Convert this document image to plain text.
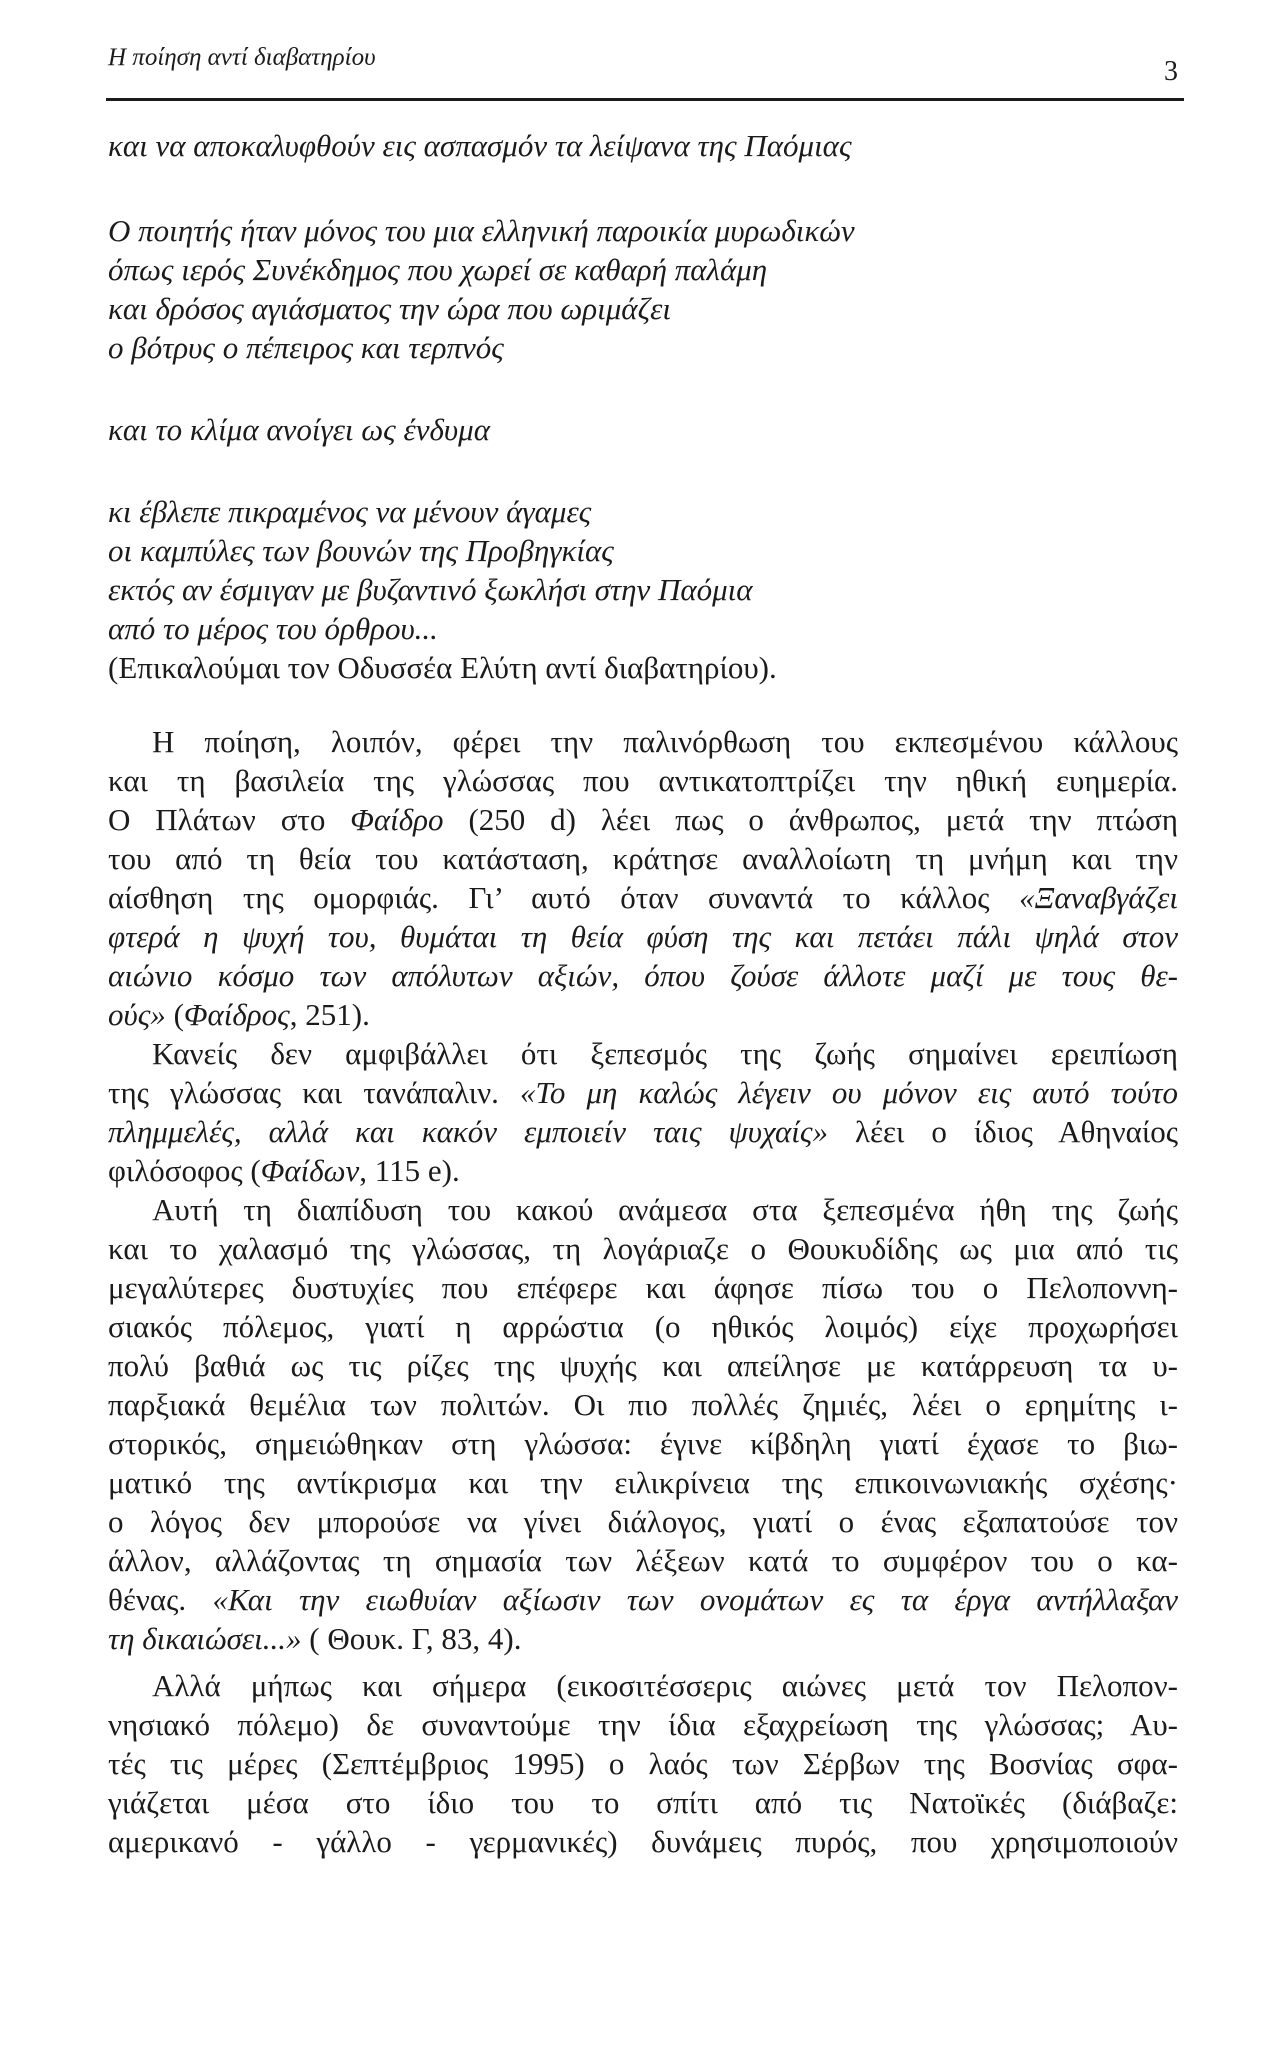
Η ποίηση αντί διαβατηρίου	3
και να αποκαλυφθούν εις ασπασμόν τα λείψανα της Παόμιας
Ο ποιητής ήταν μόνος του μια ελληνική παροικία μυρωδικών
όπως ιερός Συνέκδημος που χωρεί σε καθαρή παλάμη
και δρόσος αγιάσματος την ώρα που ωριμάζει
ο βότρυς ο πέπειρος και τερπνός
και το κλίμα ανοίγει ως ένδυμα
κι έβλεπε πικραμένος να μένουν άγαμες
οι καμπύλες των βουνών της Προβηγκίας
εκτός αν έσμιγαν με βυζαντινό ξωκλήσι στην Παόμια
από το μέρος του όρθρου...
(Επικαλούμαι τον Οδυσσέα Ελύτη αντί διαβατηρίου).
Η ποίηση, λοιπόν, φέρει την παλινόρθωση του εκπεσμένου κάλλους
και τη βασιλεία της γλώσσας που αντικατοπτρίζει την ηθική ευημερία.
Ο Πλάτων στο Φαίδρο (250 d) λέει πως ο άνθρωπος, μετά την πτώση
του από τη θεία του κατάσταση, κράτησε αναλλοίωτη τη μνήμη και την
αίσθηση της ομορφιάς. Γι’ αυτό όταν συναντά το κάλλος «Ξαναβγάζει
φτερά η ψυχή του, θυμάται τη θεία φύση της και πετάει πάλι ψηλά στον
αιώνιο κόσμο των απόλυτων αξιών, όπου ζούσε άλλοτε μαζί με τους θε-
ούς» (Φαίδρος, 251).
Κανείς δεν αμφιβάλλει ότι ξεπεσμός της ζωής σημαίνει ερειπίωση
της γλώσσας και τανάπαλιν. «Το μη καλώς λέγειν ου μόνον εις αυτό τούτο
πλημμελές, αλλά και κακόν εμποιείν ταις ψυχαίς» λέει ο ίδιος Αθηναίος
φιλόσοφος (Φαίδων, 115 e).
Αυτή τη διαπίδυση του κακού ανάμεσα στα ξεπεσμένα ήθη της ζωής
και το χαλασμό της γλώσσας, τη λογάριαζε ο Θουκυδίδης ως μια από τις
μεγαλύτερες δυστυχίες που επέφερε και άφησε πίσω του ο Πελοποννη-
σιακός πόλεμος, γιατί η αρρώστια (ο ηθικός λοιμός) είχε προχωρήσει
πολύ βαθιά ως τις ρίζες της ψυχής και απείλησε με κατάρρευση τα υ-
παρξιακά θεμέλια των πολιτών. Οι πιο πολλές ζημιές, λέει ο ερημίτης ι-
στορικός, σημειώθηκαν στη γλώσσα: έγινε κίβδηλη γιατί έχασε το βιω-
ματικό της αντίκρισμα και την ειλικρίνεια της επικοινωνιακής σχέσης·
ο λόγος δεν μπορούσε να γίνει διάλογος, γιατί ο ένας εξαπατούσε τον
άλλον, αλλάζοντας τη σημασία των λέξεων κατά το συμφέρον του ο κα-
θένας. «Και την ειωθυίαν αξίωσιν των ονομάτων ες τα έργα αντήλλαξαν
τη δικαιώσει...» ( Θουκ. Γ, 83, 4).
Αλλά μήπως και σήμερα (εικοσιτέσσερις αιώνες μετά τον Πελοπον-
νησιακό πόλεμο) δε συναντούμε την ίδια εξαχρείωση της γλώσσας; Αυ-
τές τις μέρες (Σεπτέμβριος 1995) ο λαός των Σέρβων της Βοσνίας σφα-
γιάζεται μέσα στο ίδιο του το σπίτι από τις Νατοϊκές (διάβαζε:
αμερικανό - γάλλο - γερμανικές) δυνάμεις πυρός, που χρησιμοποιούν
